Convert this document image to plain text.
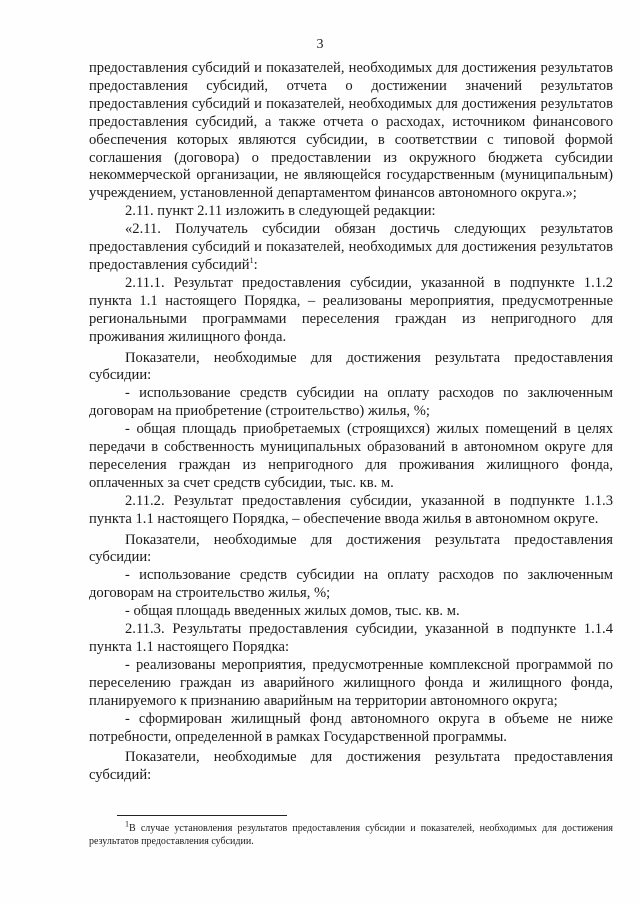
3

предоставления субсидий и показателей, необходимых для достижения результатов предоставления субсидий, отчета о достижении значений результатов предоставления субсидий и показателей, необходимых для достижения результатов предоставления субсидий, а также отчета о расходах, источником финансового обеспечения которых являются субсидии, в соответствии с типовой формой соглашения (договора) о предоставлении из окружного бюджета субсидии некоммерческой организации, не являющейся государственным (муниципальным) учреждением, установленной департаментом финансов автономного округа.»;

2.11. пункт 2.11 изложить в следующей редакции:

«2.11. Получатель субсидии обязан достичь следующих результатов предоставления субсидий и показателей, необходимых для достижения результатов предоставления субсидий$^1$:

2.11.1. Результат предоставления субсидии, указанной в подпункте 1.1.2 пункта 1.1 настоящего Порядка, – реализованы мероприятия, предусмотренные региональными программами переселения граждан из непригодного для проживания жилищного фонда.

Показатели, необходимые для достижения результата предоставления субсидии:

- использование средств субсидии на оплату расходов по заключенным договорам на приобретение (строительство) жилья, %;

- общая площадь приобретаемых (строящихся) жилых помещений в целях передачи в собственность муниципальных образований в автономном округе для переселения граждан из непригодного для проживания жилищного фонда, оплаченных за счет средств субсидии, тыс. кв. м.

2.11.2. Результат предоставления субсидии, указанной в подпункте 1.1.3 пункта 1.1 настоящего Порядка, – обеспечение ввода жилья в автономном округе.

Показатели, необходимые для достижения результата предоставления субсидии:

- использование средств субсидии на оплату расходов по заключенным договорам на строительство жилья, %;

- общая площадь введенных жилых домов, тыс. кв. м.

2.11.3. Результаты предоставления субсидии, указанной в подпункте 1.1.4 пункта 1.1 настоящего Порядка:

- реализованы мероприятия, предусмотренные комплексной программой по переселению граждан из аварийного жилищного фонда и жилищного фонда, планируемого к признанию аварийным на территории автономного округа;

- сформирован жилищный фонд автономного округа в объеме не ниже потребности, определенной в рамках Государственной программы.

Показатели, необходимые для достижения результата предоставления субсидий:

$^1$В случае установления результатов предоставления субсидии и показателей, необходимых для достижения результатов предоставления субсидии.
